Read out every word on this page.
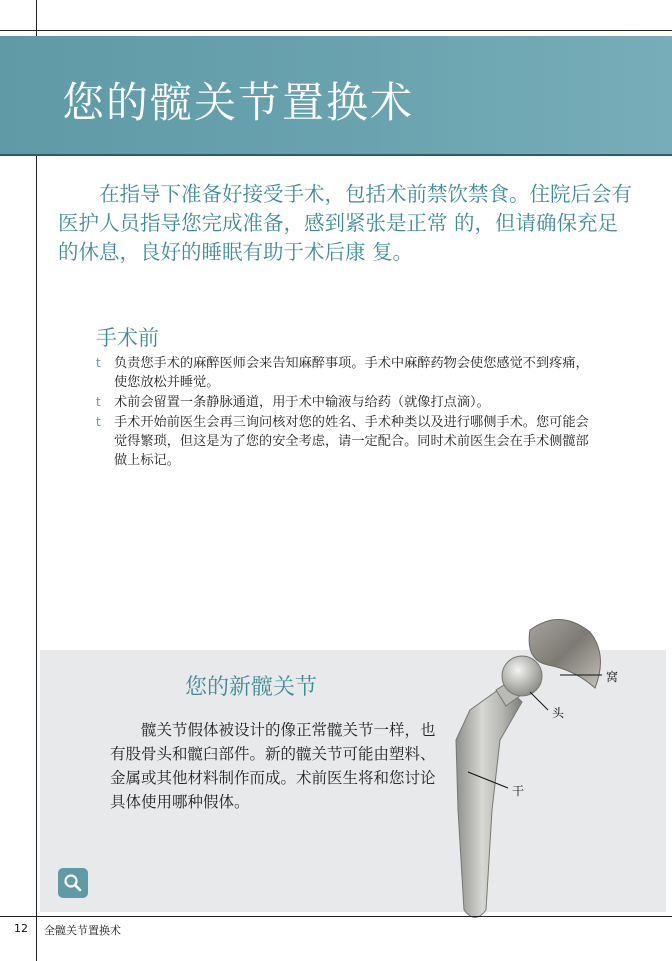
您的髋关节置换术

在指导下准备好接受手术，包括术前禁饮禁食。住院后会有医护人员指导您完成准备，感到紧张是正常 的，但请确保充足的休息，良好的睡眠有助于术后康 复。

手术前
t 负责您手术的麻醉医师会来告知麻醉事项。手术中麻醉药物会使您感觉不到疼痛，使您放松并睡觉。
t 术前会留置一条静脉通道，用于术中输液与给药（就像打点滴）。
t 手术开始前医生会再三询问核对您的姓名、手术种类以及进行哪侧手术。您可能会觉得繁琐，但这是为了您的安全考虑，请一定配合。同时术前医生会在手术侧髋部做上标记。
您的新髋关节

髋关节假体被设计的像正常髋关节一样，也有股骨头和髋臼部件。新的髋关节可能由塑料、金属或其他材料制作而成。术前医生将和您讨论具体使用哪种假体。

窝
头
干
12 全髋关节置换术
